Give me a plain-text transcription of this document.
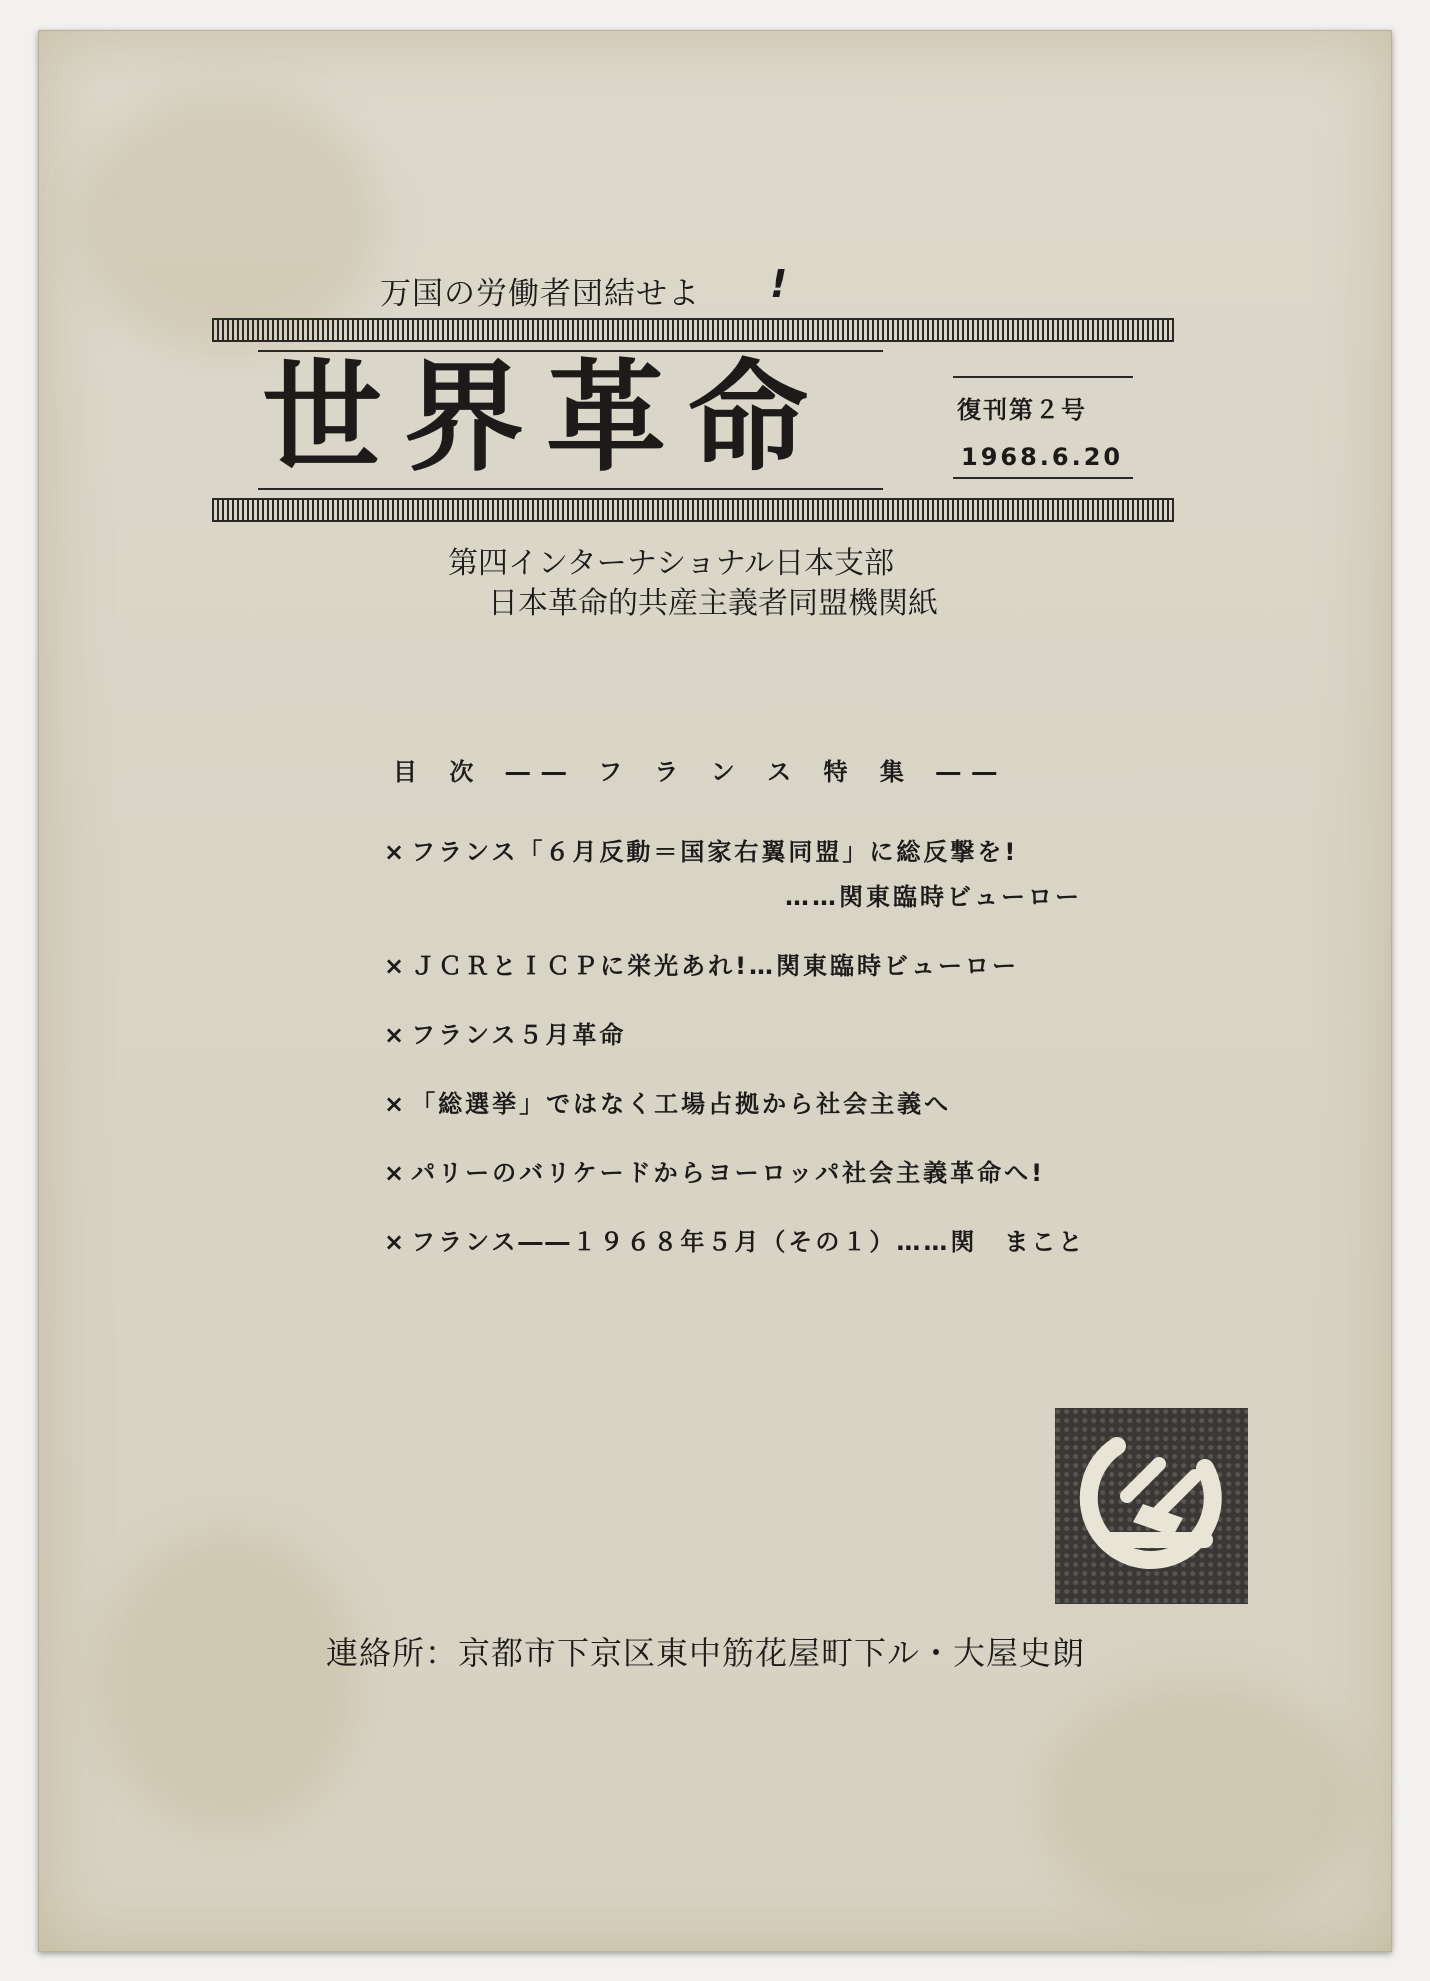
万国の労働者団結せよ !
世界革命	復刊第２号
1968.6.20
第四インターナショナル日本支部
日本革命的共産主義者同盟機関紙
目 次 ―― フ ラ ン ス 特 集 ――
× フランス「６月反動＝国家右翼同盟」に総反撃を!
……関東臨時ビューロー
× ＪＣＲとＩＣＰに栄光あれ!…関東臨時ビューロー
× フランス５月革命
× 「総選挙」ではなく工場占拠から社会主義へ
× パリーのバリケードからヨーロッパ社会主義革命へ!
× フランス――１９６８年５月（その１）……関　まこと
連絡所：京都市下京区東中筋花屋町下ル・大屋史朗
